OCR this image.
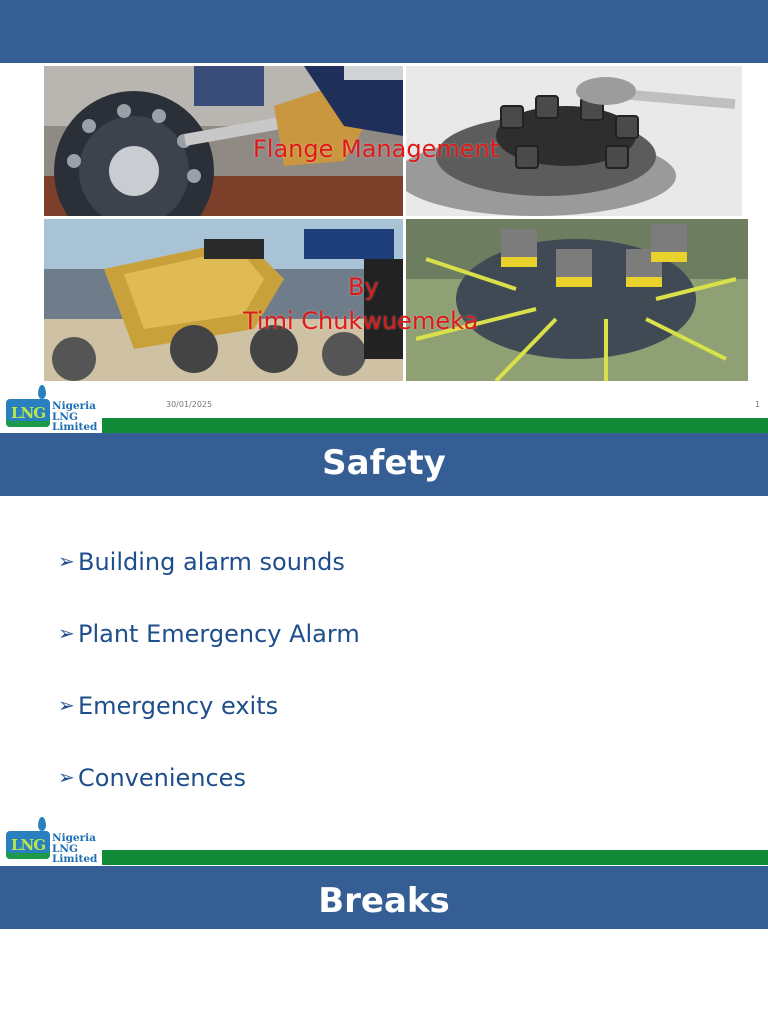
Flange Management
By
Timi Chukwuemeka
LNG Nigeria
LNG
Limited
30/01/2025	1
Safety
➢ Building alarm sounds
➢ Plant Emergency Alarm
➢ Emergency exits
➢ Conveniences
LNG Nigeria
LNG
Limited
Breaks
